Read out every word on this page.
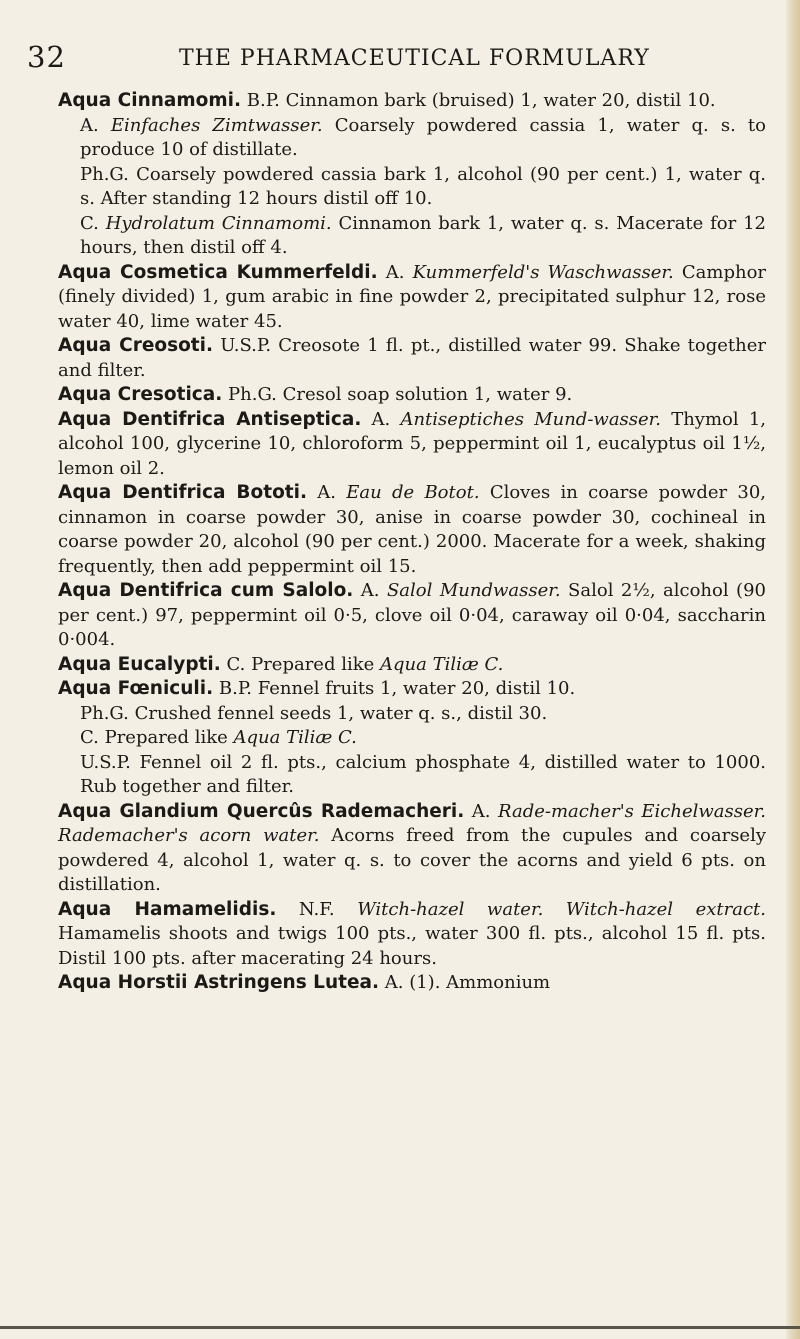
32	THE PHARMACEUTICAL FORMULARY

Aqua Cinnamomi. B.P. Cinnamon bark (bruised) 1, water 20, distil 10.

A. Einfaches Zimtwasser. Coarsely powdered cassia 1, water q. s. to produce 10 of distillate.

Ph.G. Coarsely powdered cassia bark 1, alcohol (90 per cent.) 1, water q. s. After standing 12 hours distil off 10.

C. Hydrolatum Cinnamomi. Cinnamon bark 1, water q. s. Macerate for 12 hours, then distil off 4.

Aqua Cosmetica Kummerfeldi. A. Kummerfeld's Waschwasser. Camphor (finely divided) 1, gum arabic in fine powder 2, precipitated sulphur 12, rose water 40, lime water 45.

Aqua Creosoti. U.S.P. Creosote 1 fl. pt., distilled water 99. Shake together and filter.

Aqua Cresotica. Ph.G. Cresol soap solution 1, water 9.

Aqua Dentifrica Antiseptica. A. Antiseptiches Mund-wasser. Thymol 1, alcohol 100, glycerine 10, chloroform 5, peppermint oil 1, eucalyptus oil 1½, lemon oil 2.

Aqua Dentifrica Bototi. A. Eau de Botot. Cloves in coarse powder 30, cinnamon in coarse powder 30, anise in coarse powder 30, cochineal in coarse powder 20, alcohol (90 per cent.) 2000. Macerate for a week, shaking frequently, then add peppermint oil 15.

Aqua Dentifrica cum Salolo. A. Salol Mundwasser. Salol 2½, alcohol (90 per cent.) 97, peppermint oil 0·5, clove oil 0·04, caraway oil 0·04, saccharin 0·004.

Aqua Eucalypti. C. Prepared like Aqua Tiliæ C.

Aqua Fœniculi. B.P. Fennel fruits 1, water 20, distil 10.

Ph.G. Crushed fennel seeds 1, water q. s., distil 30.

C. Prepared like Aqua Tiliæ C.

U.S.P. Fennel oil 2 fl. pts., calcium phosphate 4, distilled water to 1000. Rub together and filter.

Aqua Glandium Quercûs Rademacheri. A. Rade-macher's Eichelwasser. Rademacher's acorn water. Acorns freed from the cupules and coarsely powdered 4, alcohol 1, water q. s. to cover the acorns and yield 6 pts. on distillation.

Aqua Hamamelidis. N.F. Witch-hazel water. Witch-hazel extract. Hamamelis shoots and twigs 100 pts., water 300 fl. pts., alcohol 15 fl. pts. Distil 100 pts. after macerating 24 hours.

Aqua Horstii Astringens Lutea. A. (1). Ammonium
